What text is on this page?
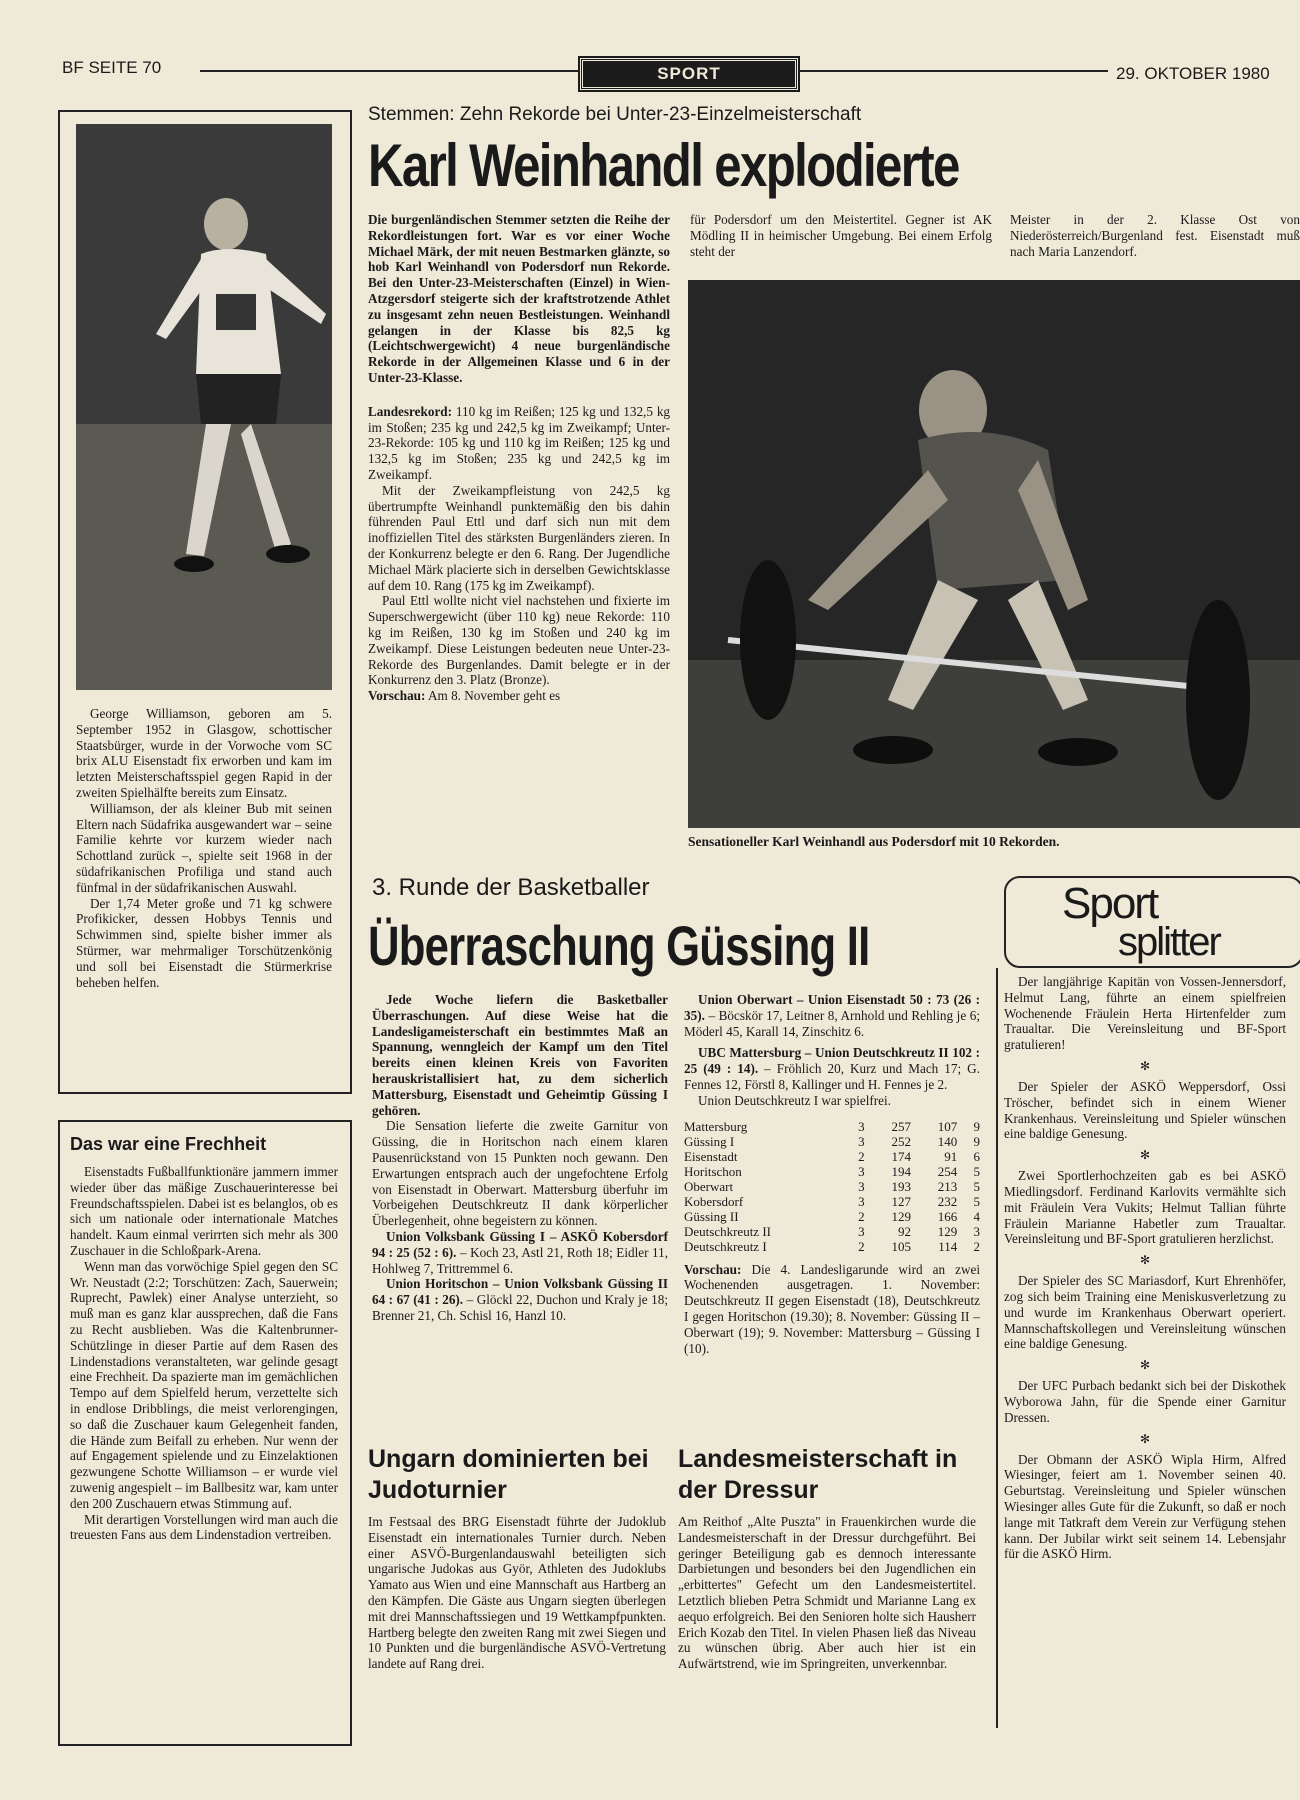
BF SEITE 70	SPORT	29. OKTOBER 1980

George Williamson, geboren am 5. September 1952 in Glasgow, schottischer Staatsbürger, wurde in der Vorwoche vom SC brix ALU Eisenstadt fix erworben und kam im letzten Meisterschaftsspiel gegen Rapid in der zweiten Spielhälfte bereits zum Einsatz.

Williamson, der als kleiner Bub mit seinen Eltern nach Südafrika ausgewandert war – seine Familie kehrte vor kurzem wieder nach Schottland zurück –, spielte seit 1968 in der südafrikanischen Profiliga und stand auch fünfmal in der südafrikanischen Auswahl.

Der 1,74 Meter große und 71 kg schwere Profikicker, dessen Hobbys Tennis und Schwimmen sind, spielte bisher immer als Stürmer, war mehrmaliger Torschützenkönig und soll bei Eisenstadt die Stürmerkrise beheben helfen.

Das war eine Frechheit

Eisenstadts Fußballfunktionäre jammern immer wieder über das mäßige Zuschauerinteresse bei Freundschaftsspielen. Dabei ist es belanglos, ob es sich um nationale oder internationale Matches handelt. Kaum einmal verirrten sich mehr als 300 Zuschauer in die Schloßpark-Arena.

Wenn man das vorwöchige Spiel gegen den SC Wr. Neustadt (2:2; Torschützen: Zach, Sauerwein; Ruprecht, Pawlek) einer Analyse unterzieht, so muß man es ganz klar aussprechen, daß die Fans zu Recht ausblieben. Was die Kaltenbrunner-Schützlinge in dieser Partie auf dem Rasen des Lindenstadions veranstalteten, war gelinde gesagt eine Frechheit. Da spazierte man im gemächlichen Tempo auf dem Spielfeld herum, verzettelte sich in endlose Dribblings, die meist verlorengingen, so daß die Zuschauer kaum Gelegenheit fanden, die Hände zum Beifall zu erheben. Nur wenn der auf Engagement spielende und zu Einzelaktionen gezwungene Schotte Williamson – er wurde viel zuwenig angespielt – im Ballbesitz war, kam unter den 200 Zuschauern etwas Stimmung auf.

Mit derartigen Vorstellungen wird man auch die treuesten Fans aus dem Lindenstadion vertreiben.

Stemmen: Zehn Rekorde bei Unter-23-Einzelmeisterschaft
Karl Weinhandl explodierte

Die burgenländischen Stemmer setzten die Reihe der Rekordleistungen fort. War es vor einer Woche Michael Märk, der mit neuen Bestmarken glänzte, so hob Karl Weinhandl von Podersdorf nun Rekorde. Bei den Unter-23-Meisterschaften (Einzel) in Wien-Atzgersdorf steigerte sich der kraftstrotzende Athlet zu insgesamt zehn neuen Bestleistungen. Weinhandl gelangen in der Klasse bis 82,5 kg (Leichtschwergewicht) 4 neue burgenländische Rekorde in der Allgemeinen Klasse und 6 in der Unter-23-Klasse.

Landesrekord: 110 kg im Reißen; 125 kg und 132,5 kg im Stoßen; 235 kg und 242,5 kg im Zweikampf; Unter-23-Rekorde: 105 kg und 110 kg im Reißen; 125 kg und 132,5 kg im Stoßen; 235 kg und 242,5 kg im Zweikampf.

Mit der Zweikampfleistung von 242,5 kg übertrumpfte Weinhandl punktemäßig den bis dahin führenden Paul Ettl und darf sich nun mit dem inoffiziellen Titel des stärksten Burgenländers zieren. In der Konkurrenz belegte er den 6. Rang. Der Jugendliche Michael Märk placierte sich in derselben Gewichtsklasse auf dem 10. Rang (175 kg im Zweikampf).

Paul Ettl wollte nicht viel nachstehen und fixierte im Superschwergewicht (über 110 kg) neue Rekorde: 110 kg im Reißen, 130 kg im Stoßen und 240 kg im Zweikampf. Diese Leistungen bedeuten neue Unter-23-Rekorde des Burgenlandes. Damit belegte er in der Konkurrenz den 3. Platz (Bronze).

Vorschau: Am 8. November geht es

für Podersdorf um den Meistertitel. Gegner ist AK Mödling II in heimischer Umgebung. Bei einem Erfolg steht der
Meister in der 2. Klasse Ost von Niederösterreich/Burgenland fest. Eisenstadt muß nach Maria Lanzendorf.
Sensationeller Karl Weinhandl aus Podersdorf mit 10 Rekorden.
3. Runde der Basketballer
Überraschung Güssing II

Jede Woche liefern die Basketballer Überraschungen. Auf diese Weise hat die Landesligameisterschaft ein bestimmtes Maß an Spannung, wenngleich der Kampf um den Titel bereits einen kleinen Kreis von Favoriten herauskristallisiert hat, zu dem sicherlich Mattersburg, Eisenstadt und Geheimtip Güssing I gehören.

Die Sensation lieferte die zweite Garnitur von Güssing, die in Horitschon nach einem klaren Pausenrückstand von 15 Punkten noch gewann. Den Erwartungen entsprach auch der ungefochtene Erfolg von Eisenstadt in Oberwart. Mattersburg überfuhr im Vorbeigehen Deutschkreutz II dank körperlicher Überlegenheit, ohne begeistern zu können.

Union Volksbank Güssing I – ASKÖ Kobersdorf 94 : 25 (52 : 6). – Koch 23, Astl 21, Roth 18; Eidler 11, Hohlweg 7, Trittremmel 6.

Union Horitschon – Union Volksbank Güssing II 64 : 67 (41 : 26). – Glöckl 22, Duchon und Kraly je 18; Brenner 21, Ch. Schisl 16, Hanzl 10.

Union Oberwart – Union Eisenstadt 50 : 73 (26 : 35). – Böcskör 17, Leitner 8, Arnhold und Rehling je 6; Möderl 45, Karall 14, Zinschitz 6.

UBC Mattersburg – Union Deutschkreutz II 102 : 25 (49 : 14). – Fröhlich 20, Kurz und Mach 17; G. Fennes 12, Förstl 8, Kallinger und H. Fennes je 2.

Union Deutschkreutz I war spielfrei.

Mattersburg	3	257	107	9
Güssing I	3	252	140	9
Eisenstadt	2	174	91	6
Horitschon	3	194	254	5
Oberwart	3	193	213	5
Kobersdorf	3	127	232	5
Güssing II	2	129	166	4
Deutschkreutz II	3	92	129	3
Deutschkreutz I	2	105	114	2

Vorschau: Die 4. Landesligarunde wird an zwei Wochenenden ausgetragen. 1. November: Deutschkreutz II gegen Eisenstadt (18), Deutschkreutz I gegen Horitschon (19.30); 8. November: Güssing II – Oberwart (19); 9. November: Mattersburg – Güssing I (10).

Ungarn dominierten bei Judoturnier

Im Festsaal des BRG Eisenstadt führte der Judoklub Eisenstadt ein internationales Turnier durch. Neben einer ASVÖ-Burgenlandauswahl beteiligten sich ungarische Judokas aus Györ, Athleten des Judoklubs Yamato aus Wien und eine Mannschaft aus Hartberg an den Kämpfen. Die Gäste aus Ungarn siegten überlegen mit drei Mannschaftssiegen und 19 Wettkampfpunkten. Hartberg belegte den zweiten Rang mit zwei Siegen und 10 Punkten und die burgenländische ASVÖ-Vertretung landete auf Rang drei.

Landesmeisterschaft in der Dressur

Am Reithof „Alte Puszta" in Frauenkirchen wurde die Landesmeisterschaft in der Dressur durchgeführt. Bei geringer Beteiligung gab es dennoch interessante Darbietungen und besonders bei den Jugendlichen ein „erbittertes" Gefecht um den Landesmeistertitel. Letztlich blieben Petra Schmidt und Marianne Lang ex aequo erfolgreich. Bei den Senioren holte sich Hausherr Erich Kozab den Titel. In vielen Phasen ließ das Niveau zu wünschen übrig. Aber auch hier ist ein Aufwärtstrend, wie im Springreiten, unverkennbar.

Sport
splitter

Der langjährige Kapitän von Vossen-Jennersdorf, Helmut Lang, führte an einem spielfreien Wochenende Fräulein Herta Hirtenfelder zum Traualtar. Die Vereinsleitung und BF-Sport gratulieren!

✻

Der Spieler der ASKÖ Weppersdorf, Ossi Tröscher, befindet sich in einem Wiener Krankenhaus. Vereinsleitung und Spieler wünschen eine baldige Genesung.

✻

Zwei Sportlerhochzeiten gab es bei ASKÖ Miedlingsdorf. Ferdinand Karlovits vermählte sich mit Fräulein Vera Vukits; Helmut Tallian führte Fräulein Marianne Habetler zum Traualtar. Vereinsleitung und BF-Sport gratulieren herzlichst.

✻

Der Spieler des SC Mariasdorf, Kurt Ehrenhöfer, zog sich beim Training eine Meniskusverletzung zu und wurde im Krankenhaus Oberwart operiert. Mannschaftskollegen und Vereinsleitung wünschen eine baldige Genesung.

✻

Der UFC Purbach bedankt sich bei der Diskothek Wyborowa Jahn, für die Spende einer Garnitur Dressen.

✻

Der Obmann der ASKÖ Wipla Hirm, Alfred Wiesinger, feiert am 1. November seinen 40. Geburtstag. Vereinsleitung und Spieler wünschen Wiesinger alles Gute für die Zukunft, so daß er noch lange mit Tatkraft dem Verein zur Verfügung stehen kann. Der Jubilar wirkt seit seinem 14. Lebensjahr für die ASKÖ Hirm.
